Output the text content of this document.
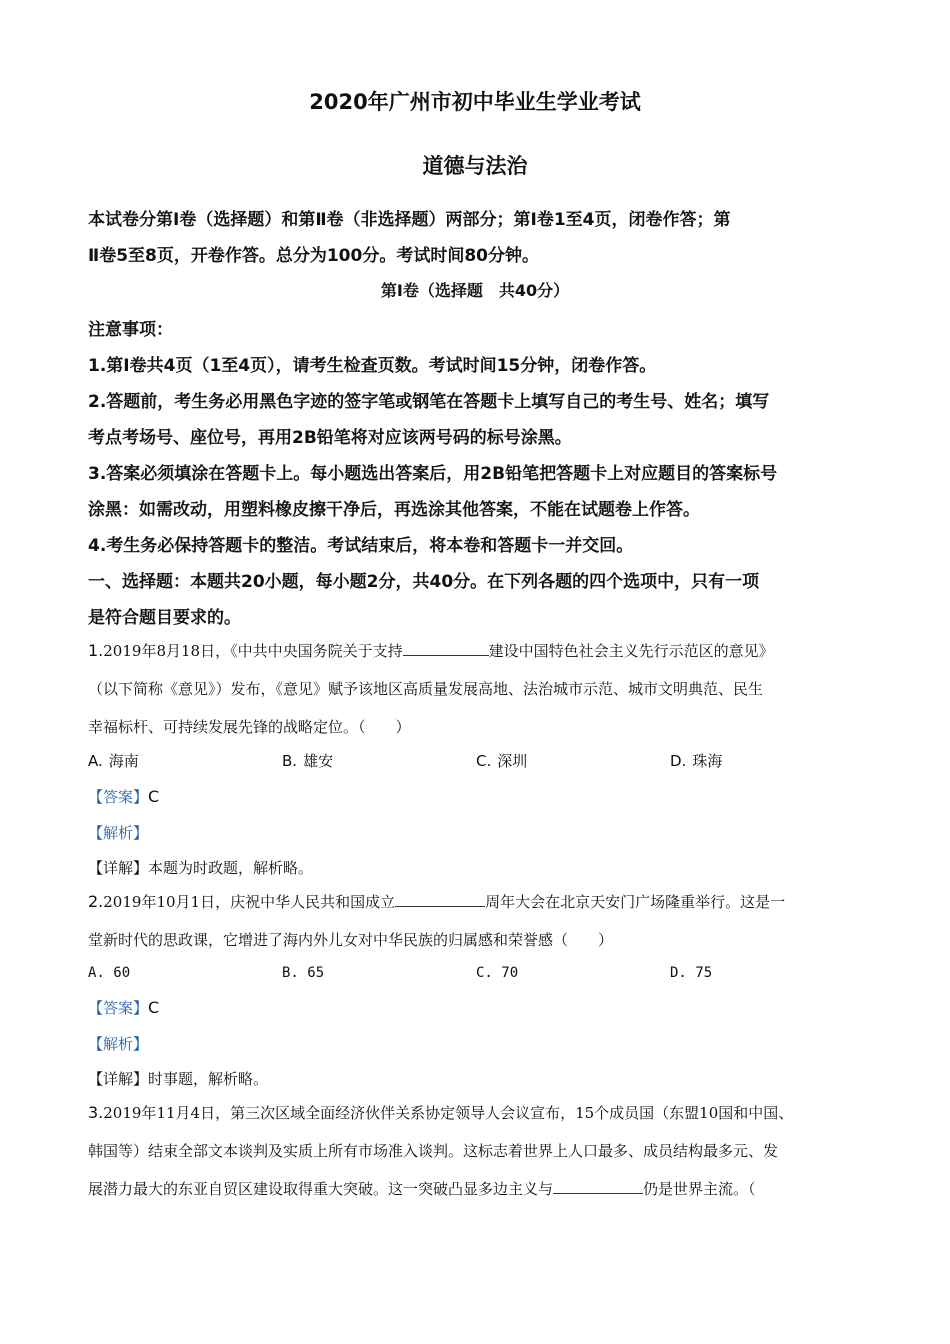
2020年广州市初中毕业生学业考试
道德与法治
本试卷分第Ⅰ卷（选择题）和第Ⅱ卷（非选择题）两部分；第Ⅰ卷1至4页，闭卷作答；第
Ⅱ卷5至8页，开卷作答。总分为100分。考试时间80分钟。
第Ⅰ卷（选择题　共40分）
注意事项：
1.第Ⅰ卷共4页（1至4页），请考生检查页数。考试时间15分钟，闭卷作答。
2.答题前，考生务必用黑色字迹的签字笔或钢笔在答题卡上填写自己的考生号、姓名；填写
考点考场号、座位号，再用2B铅笔将对应该两号码的标号涂黑。
3.答案必须填涂在答题卡上。每小题选出答案后，用2B铅笔把答题卡上对应题目的答案标号
涂黑：如需改动，用塑料橡皮擦干净后，再选涂其他答案，不能在试题卷上作答。
4.考生务必保持答题卡的整洁。考试结束后，将本卷和答题卡一并交回。
一、选择题：本题共20小题，每小题2分，共40分。在下列各题的四个选项中，只有一项
是符合题目要求的。
1.2019年8月18日，《中共中央国务院关于支持	建设中国特色社会主义先行示范区的意见》
（以下简称《意见》）发布，《意见》赋予该地区高质量发展高地、法治城市示范、城市文明典范、民生
幸福标杆、可持续发展先锋的战略定位。（　　）
A. 海南	B. 雄安	C. 深圳	D. 珠海
【答案】C
【解析】
【详解】本题为时政题，解析略。
2.2019年10月1日，庆祝中华人民共和国成立	周年大会在北京天安门广场隆重举行。这是一
堂新时代的思政课，它增进了海内外儿女对中华民族的归属感和荣誉感（　　）
A. 60	B. 65	C. 70	D. 75
【答案】C
【解析】
【详解】时事题，解析略。
3.2019年11月4日，第三次区域全面经济伙伴关系协定领导人会议宣布，15个成员国（东盟10国和中国、
韩国等）结束全部文本谈判及实质上所有市场准入谈判。这标志着世界上人口最多、成员结构最多元、发
展潜力最大的东亚自贸区建设取得重大突破。这一突破凸显多边主义与	仍是世界主流。（
